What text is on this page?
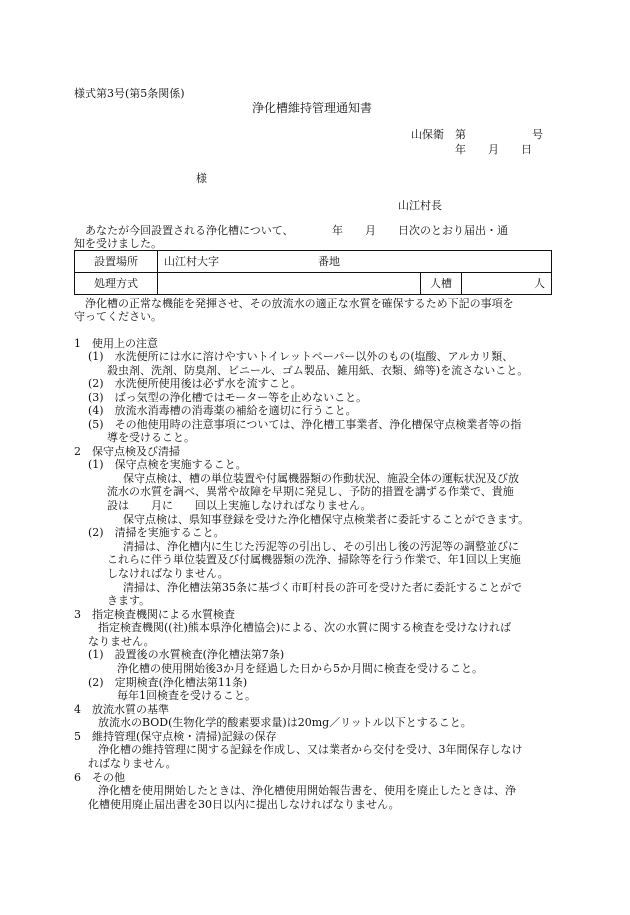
様式第3号(第5条関係)
浄化槽維持管理通知書
山保衛　第　　　　　　号
年　　月　　日
様
山江村長
　あなたが今回設置される浄化槽について、　　　　年　　月　　日次のとおり届出・通
知を受けました。
設置場所	山江村大字　　　　　　　　　番地		
処理方式		人槽	人
　浄化槽の正常な機能を発揮させ、その放流水の適正な水質を確保するため下記の事項を
守ってください。
1　使用上の注意
(1)　水洗便所には水に溶けやすいトイレットペーパー以外のもの(塩酸、アルカリ類、
殺虫剤、洗剤、防臭剤、ビニール、ゴム製品、雑用紙、衣類、綿等)を流さないこと。
(2)　水洗便所使用後は必ず水を流すこと。
(3)　ばっ気型の浄化槽ではモーター等を止めないこと。
(4)　放流水消毒槽の消毒薬の補給を適切に行うこと。
(5)　その他使用時の注意事項については、浄化槽工事業者、浄化槽保守点検業者等の指
導を受けること。
2　保守点検及び清掃
(1)　保守点検を実施すること。
保守点検は、槽の単位装置や付属機器類の作動状況、施設全体の運転状況及び放
流水の水質を調べ、異常や故障を早期に発見し、予防的措置を講ずる作業で、貴施
設は　　月に　　回以上実施しなければなりません。
保守点検は、県知事登録を受けた浄化槽保守点検業者に委託することができます。
(2)　清掃を実施すること。
清掃は、浄化槽内に生じた汚泥等の引出し、その引出し後の汚泥等の調整並びに
これらに伴う単位装置及び付属機器類の洗浄、掃除等を行う作業で、年1回以上実施
しなければなりません。
清掃は、浄化槽法第35条に基づく市町村長の許可を受けた者に委託することがで
きます。
3　指定検査機関による水質検査
指定検査機関((社)熊本県浄化槽協会)による、次の水質に関する検査を受けなければ
なりません。
(1)　設置後の水質検査(浄化槽法第7条)
浄化槽の使用開始後3か月を経過した日から5か月間に検査を受けること。
(2)　定期検査(浄化槽法第11条)
毎年1回検査を受けること。
4　放流水質の基準
放流水のBOD(生物化学的酸素要求量)は20mg／リットル以下とすること。
5　維持管理(保守点検・清掃)記録の保存
浄化槽の維持管理に関する記録を作成し、又は業者から交付を受け、3年間保存しなけ
ればなりません。
6　その他
浄化槽を使用開始したときは、浄化槽使用開始報告書を、使用を廃止したときは、浄
化槽使用廃止届出書を30日以内に提出しなければなりません。
